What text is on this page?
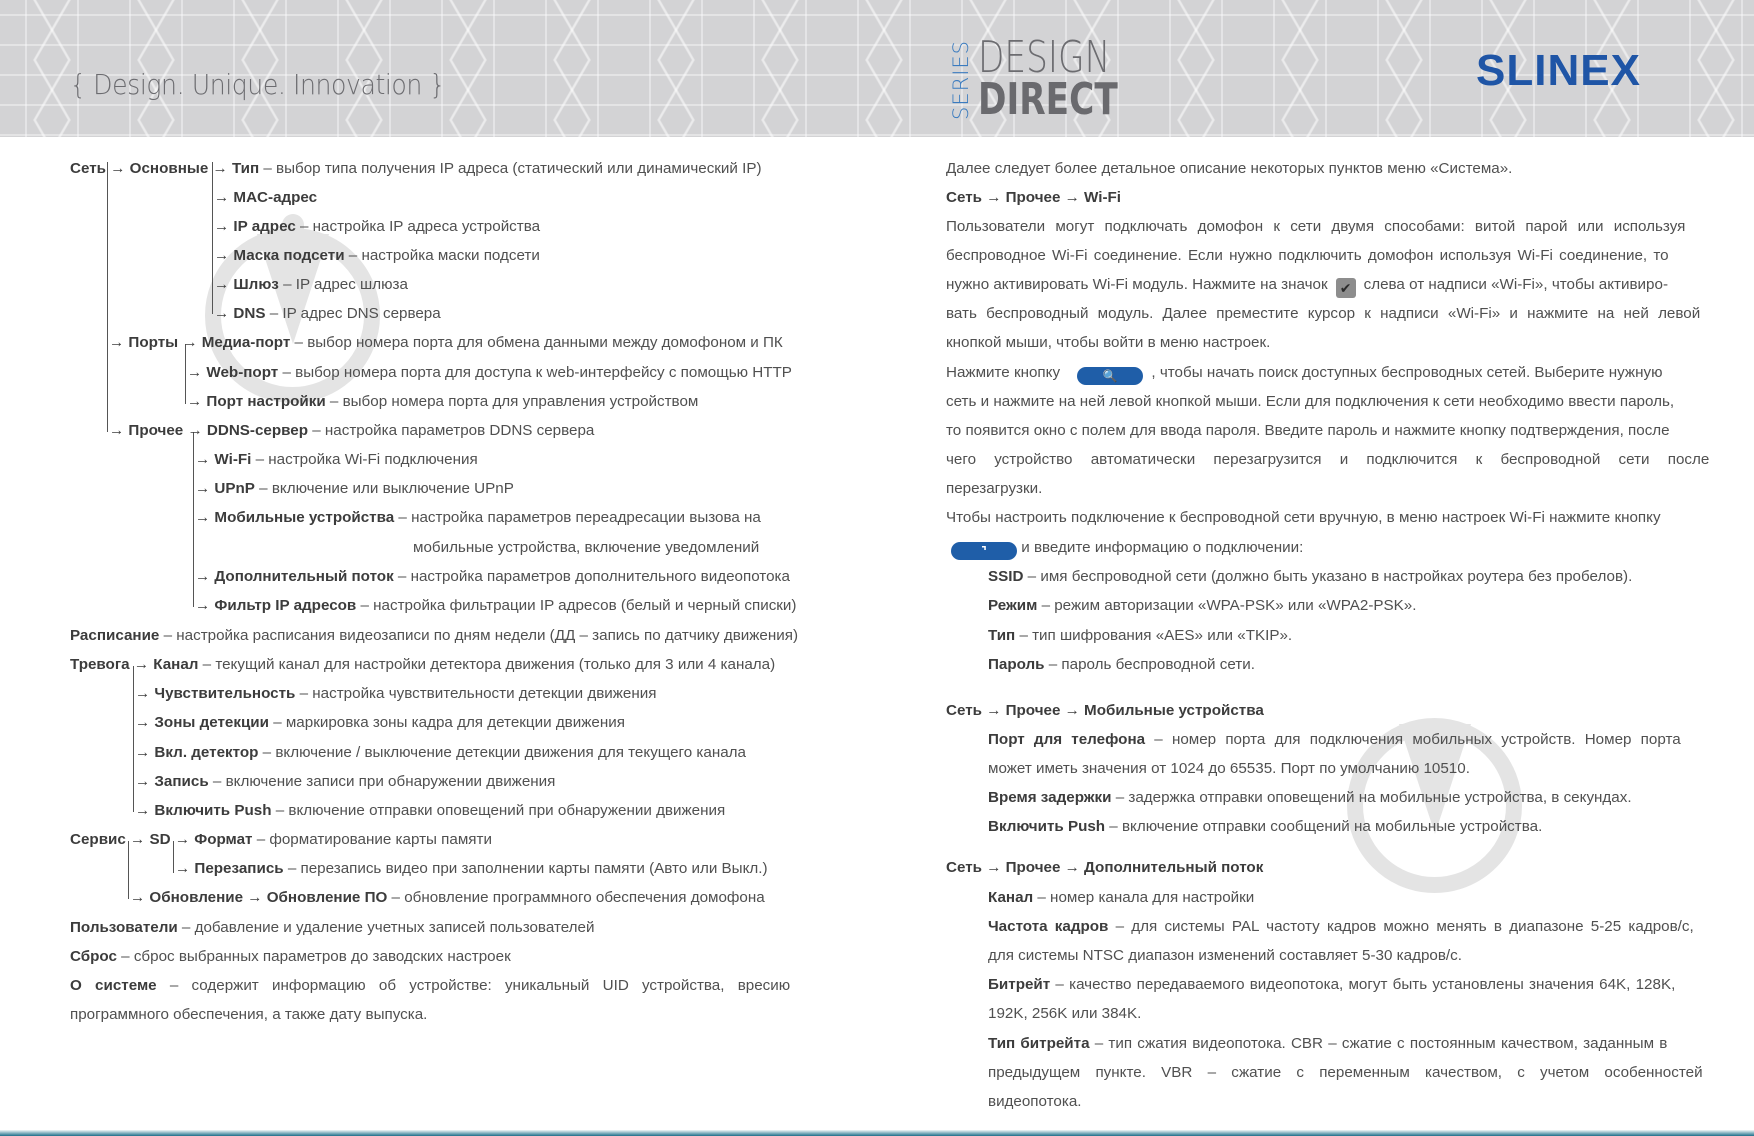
{ Design. Unique. Innovation }	SERIES DESIGN
DIRECT
SLINEX
Сеть → Основные → Тип – выбор типа получения IP адреса (статический или динамический IP)
→ MAC-адрес
→ IP адрес – настройка IP адреса устройства
→ Маска подсети – настройка маски подсети
→ Шлюз – IP адрес шлюза
→ DNS – IP адрес DNS сервера
→ Порты → Медиа-порт – выбор номера порта для обмена данными между домофоном и ПК
→ Web-порт – выбор номера порта для доступа к web-интерфейсу с помощью HTTP
→ Порт настройки – выбор номера порта для управления устройством
→ Прочее → DDNS-сервер – настройка параметров DDNS сервера
→ Wi-Fi – настройка Wi-Fi подключения
→ UPnP – включение или выключение UPnP
→ Мобильные устройства – настройка параметров переадресации вызова на
мобильные устройства, включение уведомлений
→ Дополнительный поток – настройка параметров дополнительного видеопотока
→ Фильтр IP адресов – настройка фильтрации IP адресов (белый и черный списки)
Расписание – настройка расписания видеозаписи по дням недели (ДД – запись по датчику движения)
Тревога → Канал – текущий канал для настройки детектора движения (только для 3 или 4 канала)
→ Чувствительность – настройка чувствительности детекции движения
→ Зоны детекции – маркировка зоны кадра для детекции движения
→ Вкл. детектор – включение / выключение детекции движения для текущего канала
→ Запись – включение записи при обнаружении движения
→ Включить Push – включение отправки оповещений при обнаружении движения
Сервис → SD → Формат – форматирование карты памяти
→ Перезапись – перезапись видео при заполнении карты памяти (Авто или Выкл.)
→ Обновление → Обновление ПО – обновление программного обеспечения домофона
Пользователи – добавление и удаление учетных записей пользователей
Сброс – сброс выбранных параметров до заводских настроек
О системе – содержит информацию об устройстве: уникальный UID устройства, вресию
программного обеспечения, а также дату выпуска.
Далее следует более детальное описание некоторых пунктов меню «Система».
Сеть → Прочее → Wi-Fi
Пользователи могут подключать домофон к сети двумя способами: витой парой или используя
беспроводное Wi-Fi соединение. Если нужно подключить домофон используя Wi-Fi соединение, то
нужно активировать Wi-Fi модуль. Нажмите на значок ✔ слева от надписи «Wi-Fi», чтобы активиро-
вать беспроводный модуль. Далее преместите курсор к надписи «Wi-Fi» и нажмите на ней левой
кнопкой мыши, чтобы войти в меню настроек.
Нажмите кнопку	🔍 , чтобы начать поиск доступных беспроводных сетей. Выберите нужную
сеть и нажмите на ней левой кнопкой мыши. Если для подключения к сети необходимо ввести пароль,
то появится окно с полем для ввода пароля. Введите пароль и нажмите кнопку подтверждения, после
чего устройство автоматически перезагрузится и подключится к беспроводной сети после
перезагрузки.
Чтобы настроить подключение к беспроводной сети вручную, в меню настроек Wi-Fi нажмите кнопку
⌝ и введите информацию о подключении:
SSID – имя беспроводной сети (должно быть указано в настройках роутера без пробелов).
Режим – режим авторизации «WPA-PSK» или «WPA2-PSK».
Тип – тип шифрования «AES» или «TKIP».
Пароль – пароль беспроводной сети.
Сеть → Прочее → Мобильные устройства
Порт для телефона – номер порта для подключения мобильных устройств. Номер порта
может иметь значения от 1024 до 65535. Порт по умолчанию 10510.
Время задержки – задержка отправки оповещений на мобильные устройства, в секундах.
Включить Push – включение отправки сообщений на мобильные устройства.
Сеть → Прочее → Дополнительный поток
Канал – номер канала для настройки
Частота кадров – для системы PAL частоту кадров можно менять в диапазоне 5-25 кадров/с,
для системы NTSC диапазон изменений составляет 5-30 кадров/с.
Битрейт – качество передаваемого видеопотока, могут быть установлены значения 64K, 128K,
192K, 256K или 384K.
Тип битрейта – тип сжатия видеопотока. CBR – сжатие с постоянным качеством, заданным в
предыдущем пункте. VBR – сжатие с переменным качеством, с учетом особенностей
видеопотока.
